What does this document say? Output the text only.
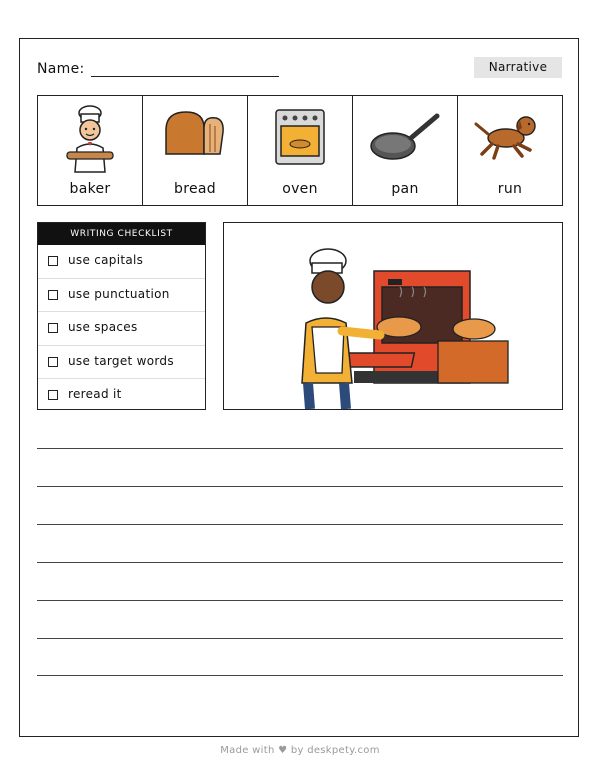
Name:	Narrative
baker	bread	oven	pan	run
WRITING CHECKLIST
use capitals
use punctuation
use spaces
use target words
reread it
Made with ♥ by deskpety.com
